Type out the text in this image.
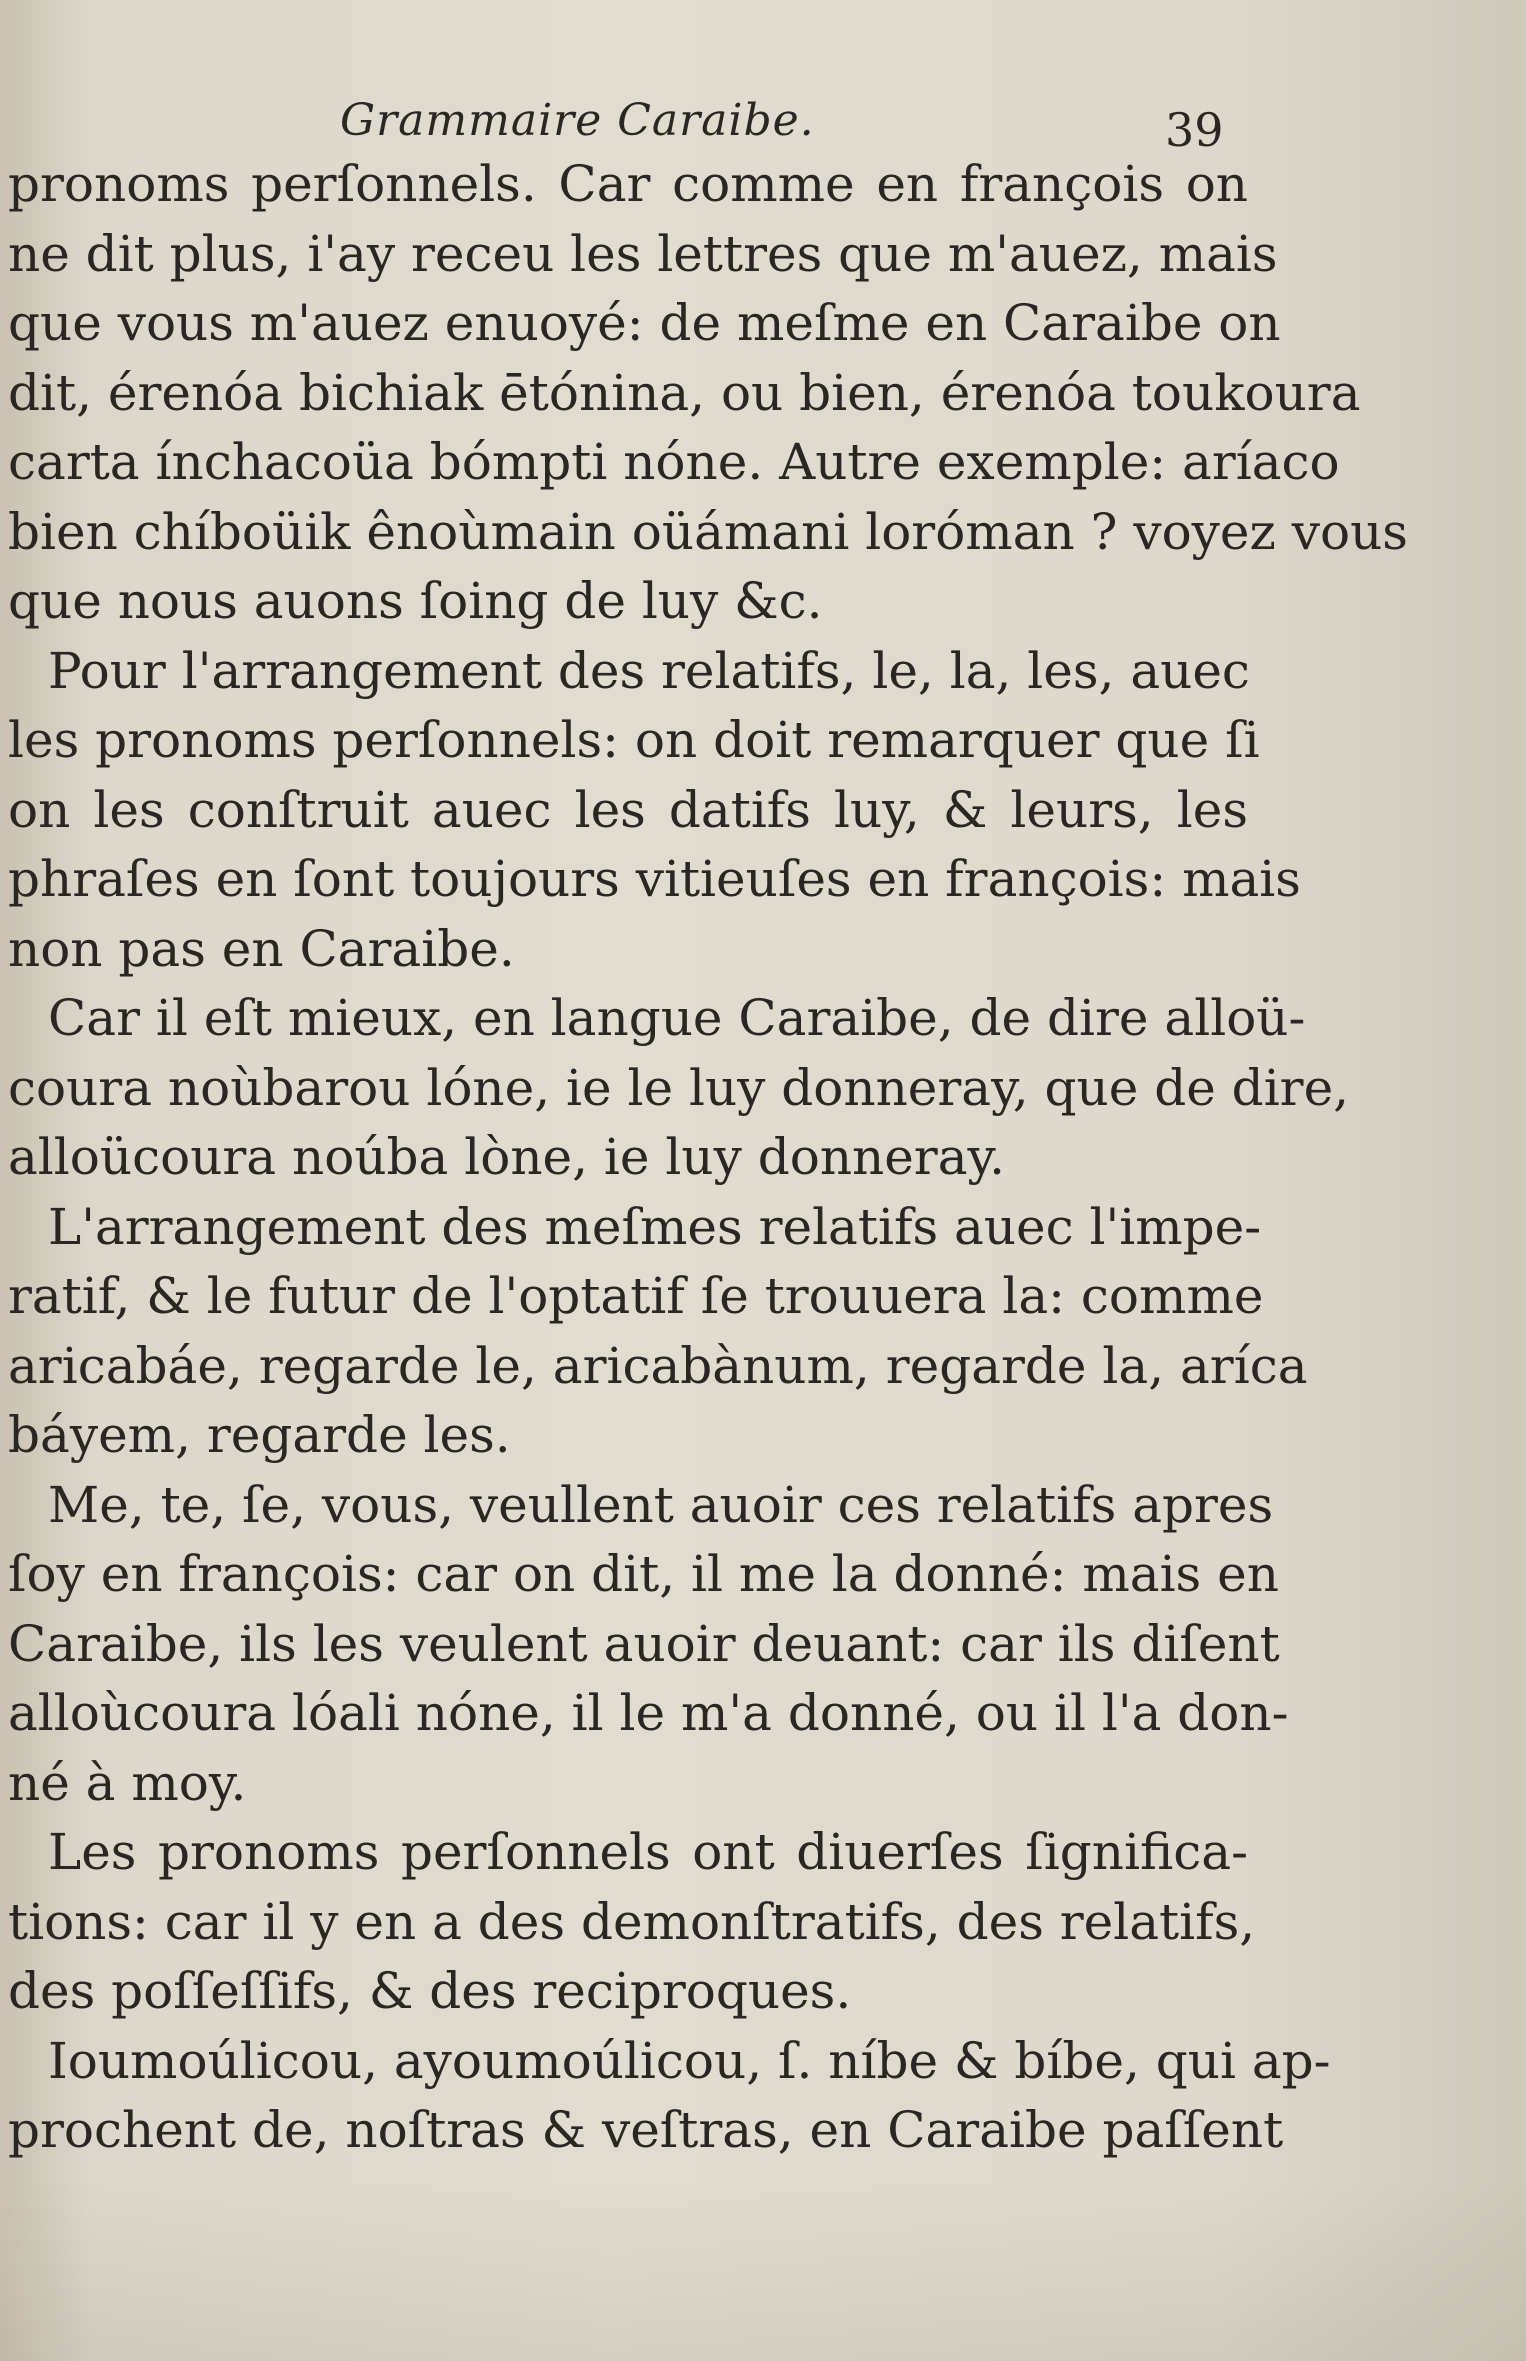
Grammaire Caraibe.	39
pronoms perſonnels. Car comme en françois on
ne dit plus, i'ay receu les lettres que m'auez, mais
que vous m'auez enuoyé: de meſme en Caraibe on
dit, érenóa bichiak ētónina, ou bien, érenóa toukoura
carta ínchacoüa bómpti nóne. Autre exemple: aríaco
bien chíboüik ênoùmain oüámani loróman ? voyez vous
que nous auons ſoing de luy &c.
Pour l'arrangement des relatifs, le, la, les, auec
les pronoms perſonnels: on doit remarquer que ſi
on les conſtruit auec les datifs luy, & leurs, les
phraſes en ſont toujours vitieuſes en françois: mais
non pas en Caraibe.
Car il eſt mieux, en langue Caraibe, de dire alloü-
coura noùbarou lóne, ie le luy donneray, que de dire,
alloücoura noúba lòne, ie luy donneray.
L'arrangement des meſmes relatifs auec l'impe-
ratif, & le futur de l'optatif ſe trouuera la: comme
aricabáe, regarde le, aricabànum, regarde la, aríca
báyem, regarde les.
Me, te, ſe, vous, veullent auoir ces relatifs apres
ſoy en françois: car on dit, il me la donné: mais en
Caraibe, ils les veulent auoir deuant: car ils diſent
alloùcoura lóali nóne, il le m'a donné, ou il l'a don-
né à moy.
Les pronoms perſonnels ont diuerſes ſignifica-
tions: car il y en a des demonſtratifs, des relatifs,
des poſſeſſifs, & des reciproques.
Ioumoúlicou, ayoumoúlicou, ſ. níbe & bíbe, qui ap-
prochent de, noſtras & veſtras, en Caraibe paſſent
